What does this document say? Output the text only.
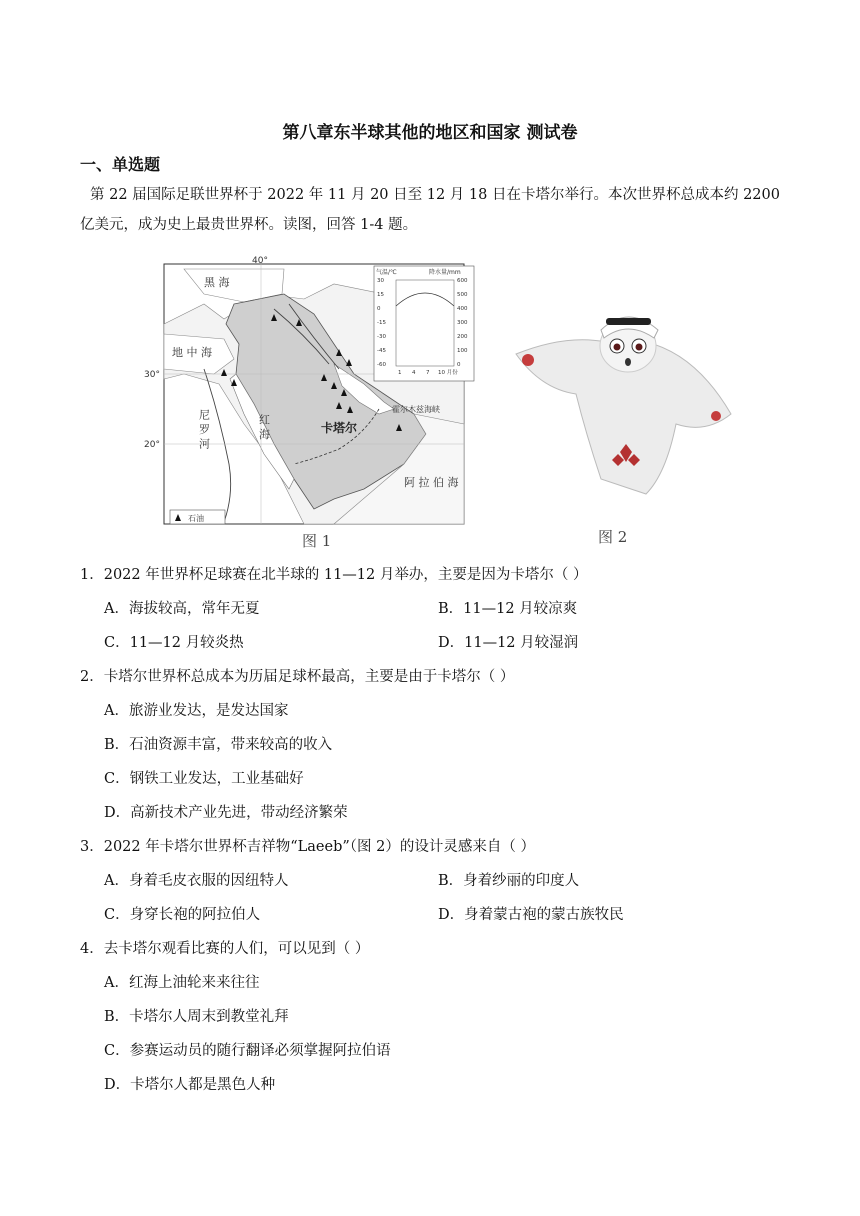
第八章东半球其他的地区和国家 测试卷
一、单选题
第 22 届国际足联世界杯于 2022 年 11 月 20 日至 12 月 18 日在卡塔尔举行。本次世界杯总成本约 2200 亿美元，成为史上最贵世界杯。读图，回答 1-4 题。
40°
30°
20°
黑 海
地 中 海
尼 罗 河	红 海
阿 拉 伯 海
卡塔尔
霍尔木兹海峡
石油
气温/℃	降水量/mm
30
15
0
-15
-30
-45
-60
600
500
400
300
200
100
0
1 4 7 10 月份
图 1	图 2
1．2022 年世界杯足球赛在北半球的 11—12 月举办，主要是因为卡塔尔（ ）
A．海拔较高，常年无夏	B．11—12 月较凉爽
C．11—12 月较炎热	D．11—12 月较湿润
2．卡塔尔世界杯总成本为历届足球杯最高，主要是由于卡塔尔（ ）
A．旅游业发达，是发达国家
B．石油资源丰富，带来较高的收入
C．钢铁工业发达，工业基础好
D．高新技术产业先进，带动经济繁荣
3．2022 年卡塔尔世界杯吉祥物“Laeeb”（图 2）的设计灵感来自（ ）
A．身着毛皮衣服的因纽特人	B．身着纱丽的印度人
C．身穿长袍的阿拉伯人	D．身着蒙古袍的蒙古族牧民
4．去卡塔尔观看比赛的人们，可以见到（ ）
A．红海上油轮来来往往
B．卡塔尔人周末到教堂礼拜
C．参赛运动员的随行翻译必须掌握阿拉伯语
D．卡塔尔人都是黑色人种
